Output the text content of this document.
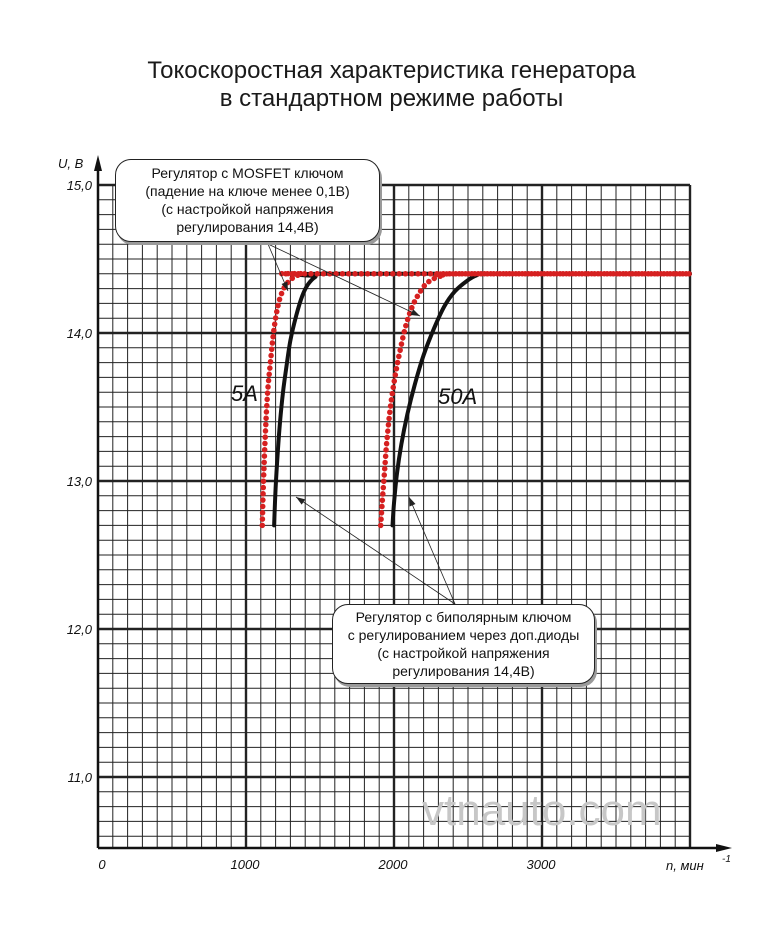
Токоскоростная характеристика генератора
в стандартном режиме работы
11,0
12,0
13,0
14,0
15,0
0	1000	2000	3000
U, В
n, мин -1
5A	50A
Регулятор с MOSFET ключом
(падение на ключе менее 0,1В)
(с настройкой напряжения
регулирования 14,4В)
Регулятор с биполярным ключом
с регулированием через доп.диоды
(с настройкой напряжения
регулирования 14,4В)
vtnauto.com
